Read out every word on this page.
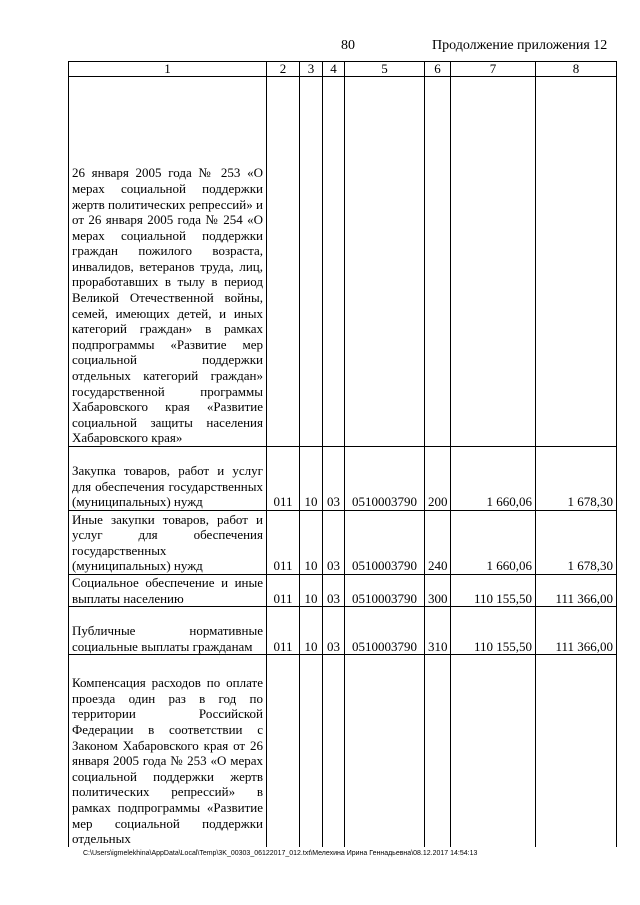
80	Продолжение приложения 12
1	2	3	4	5	6	7	8
26 января 2005 года № 253 «О мерах социальной поддержки жертв политических репрессий» и от 26 января 2005 года № 254 «О мерах социальной поддержки граждан пожилого возраста, инвалидов, ветеранов труда, лиц, проработавших в тылу в период Великой Отечественной войны, семей, имеющих детей, и иных категорий граждан» в рамках подпрограммы «Развитие мер социальной поддержки отдельных категорий граждан» государственной программы Хабаровского края «Развитие социальной защиты населения Хабаровского края»							
Закупка товаров, работ и услуг для обеспечения государственных (муниципальных) нужд	011	10	03	0510003790	200	1 660,06	1 678,30
Иные закупки товаров, работ и услуг для обеспечения государственных (муниципальных) нужд	011	10	03	0510003790	240	1 660,06	1 678,30
Социальное обеспечение и иные выплаты населению	011	10	03	0510003790	300	110 155,50	111 366,00
Публичные нормативные социальные выплаты гражданам	011	10	03	0510003790	310	110 155,50	111 366,00
Компенсация расходов по оплате проезда один раз в год по территории Российской Федерации в соответствии с Законом Хабаровского края от 26 января 2005 года № 253 «О мерах социальной поддержки жертв политических репрессий» в рамках подпрограммы «Развитие мер социальной поддержки отдельных							
C:\Users\igmelekhina\AppData\Local\Temp\3K_00303_06122017_012.txt\Мелехина Ирина Геннадьевна\08.12.2017 14:54:13
